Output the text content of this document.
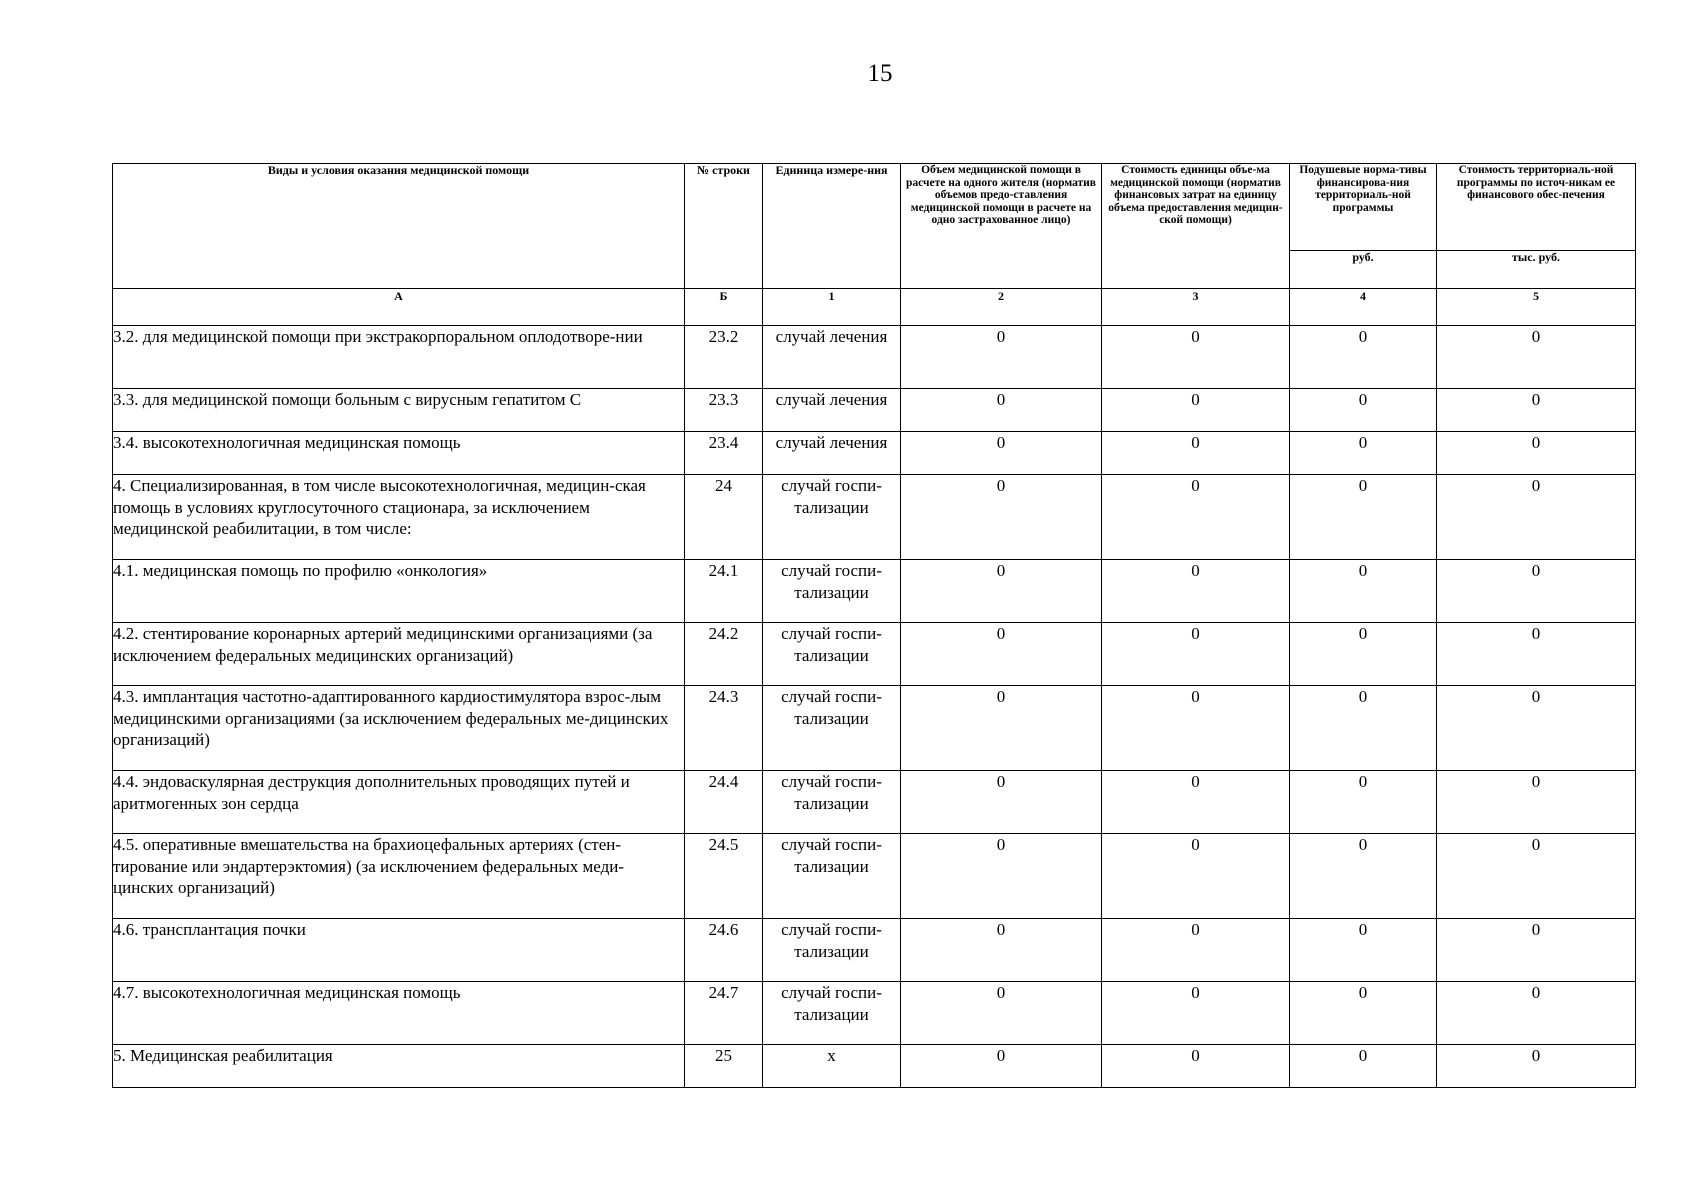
15
Виды и условия оказания медицинской помощи	№ строки	Единица измере-ния	Объем медицинской помощи в расчете на одного жителя (норматив объемов предо-ставления медицинской помощи в расчете на одно застрахованное лицо)	Стоимость единицы объе-ма медицинской помощи (норматив финансовых затрат на единицу объема предоставления медицин-ской помощи)	Подушевые норма-тивы финансирова-ния территориаль-ной программы	Стоимость территориаль-ной программы по источ-никам ее финансового обес-печения
					руб.	тыс. руб.
А	Б	1	2	3	4	5
3.2. для медицинской помощи при экстракорпоральном оплодотворе-нии	23.2	случай лечения	0	0	0	0
3.3. для медицинской помощи больным с вирусным гепатитом С	23.3	случай лечения	0	0	0	0
3.4. высокотехнологичная медицинская помощь	23.4	случай лечения	0	0	0	0
4. Специализированная, в том числе высокотехнологичная, медицин-ская помощь в условиях круглосуточного стационара, за исключением медицинской реабилитации, в том числе:	24	случай госпи-тализации	0	0	0	0
4.1. медицинская помощь по профилю «онкология»	24.1	случай госпи-тализации	0	0	0	0
4.2. стентирование коронарных артерий медицинскими организациями (за исключением федеральных медицинских организаций)	24.2	случай госпи-тализации	0	0	0	0
4.3. имплантация частотно-адаптированного кардиостимулятора взрос-лым медицинскими организациями (за исключением федеральных ме-дицинских организаций)	24.3	случай госпи-тализации	0	0	0	0
4.4. эндоваскулярная деструкция дополнительных проводящих путей и аритмогенных зон сердца	24.4	случай госпи-тализации	0	0	0	0
4.5. оперативные вмешательства на брахиоцефальных артериях (стен-тирование или эндартерэктомия) (за исключением федеральных меди-цинских организаций)	24.5	случай госпи-тализации	0	0	0	0
4.6. трансплантация почки	24.6	случай госпи-тализации	0	0	0	0
4.7. высокотехнологичная медицинская помощь	24.7	случай госпи-тализации	0	0	0	0
5. Медицинская реабилитация	25	х	0	0	0	0
